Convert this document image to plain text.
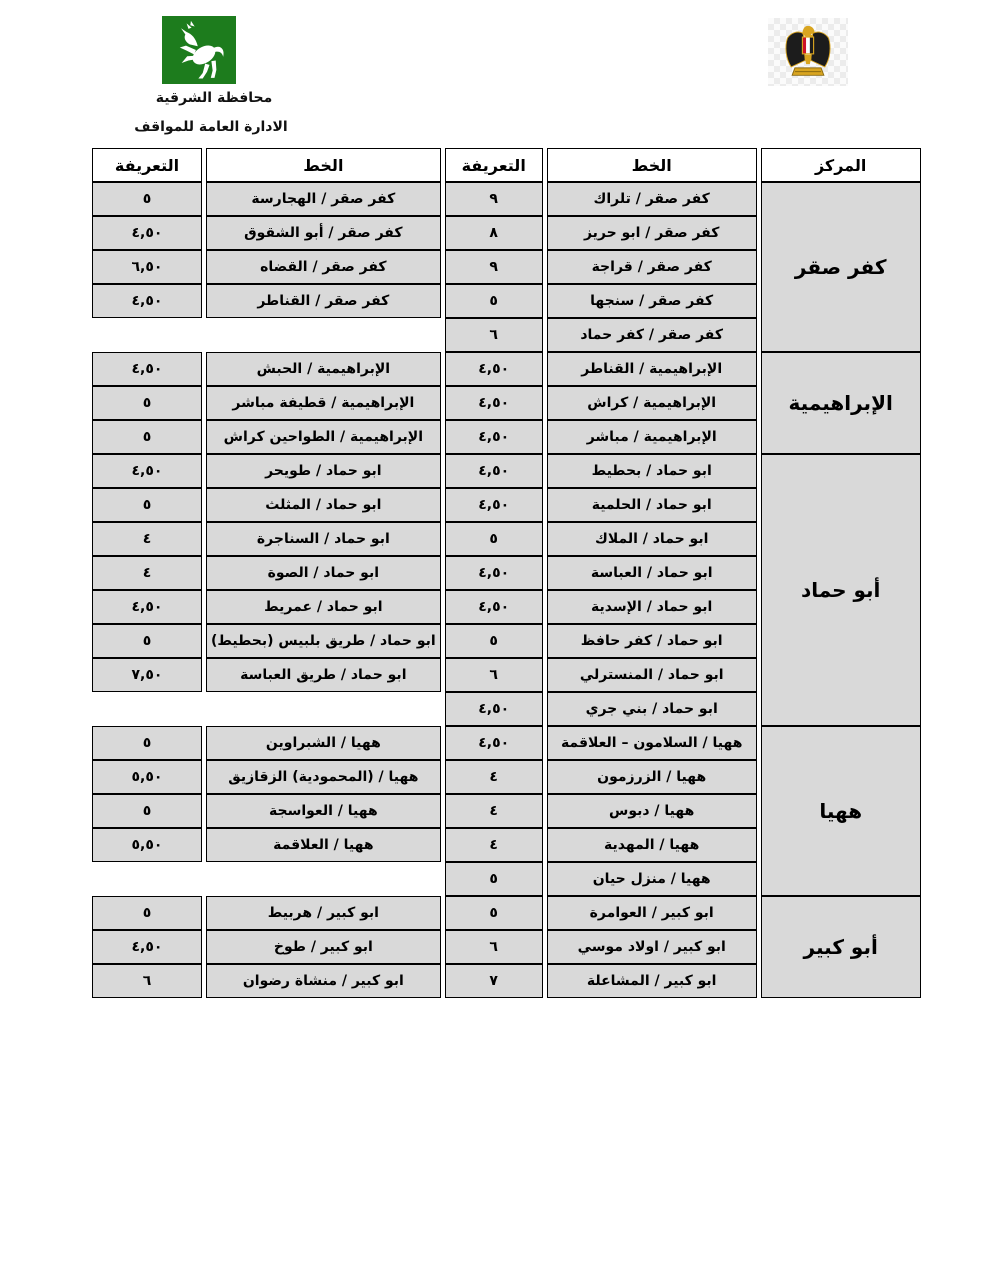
محافظة الشرقية
الادارة العامة للمواقف
المركز	الخط	التعريفة	الخط	التعريفة
كفر صقر	كفر صقر / تلراك	٩	كفر صقر / الهجارسة	٥
	كفر صقر / ابو حريز	٨	كفر صقر / أبو الشقوق	٤,٥٠
	كفر صقر / قراجة	٩	كفر صقر / القضاه	٦,٥٠
	كفر صقر / سنجها	٥	كفر صقر / القناطر	٤,٥٠
	كفر صقر / كفر حماد	٦		
الإبراهيمية	الإبراهيمية / القناطر	٤,٥٠	الإبراهيمية / الحبش	٤,٥٠
	الإبراهيمية / كراش	٤,٥٠	الإبراهيمية / قطيفة مباشر	٥
	الإبراهيمية / مباشر	٤,٥٠	الإبراهيمية / الطواحين كراش	٥
أبو حماد	ابو حماد / بحطيط	٤,٥٠	ابو حماد / طويحر	٤,٥٠
	ابو حماد / الحلمية	٤,٥٠	ابو حماد / المثلث	٥
	ابو حماد / الملاك	٥	ابو حماد / السناجرة	٤
	ابو حماد / العباسة	٤,٥٠	ابو حماد / الصوة	٤
	ابو حماد / الإسدية	٤,٥٠	ابو حماد / عمريط	٤,٥٠
	ابو حماد / كفر حافظ	٥	ابو حماد / طريق بلبيس (بحطيط)	٥
	ابو حماد / المنسترلي	٦	ابو حماد / طريق العباسة	٧,٥٠
	ابو حماد / بني جري	٤,٥٠		
ههيا	ههيا / السلامون – العلاقمة	٤,٥٠	ههيا / الشبراوين	٥
	ههيا / الزرزمون	٤	ههيا / (المحمودية) الزقازيق	٥,٥٠
	ههيا / دبوس	٤	ههيا / العواسجة	٥
	ههيا / المهدية	٤	ههيا / العلاقمة	٥,٥٠
	ههيا / منزل حيان	٥		
أبو كبير	ابو كبير / العوامرة	٥	ابو كبير / هربيط	٥
	ابو كبير / اولاد موسي	٦	ابو كبير / طوخ	٤,٥٠
	ابو كبير / المشاعلة	٧	ابو كبير / منشاة رضوان	٦
